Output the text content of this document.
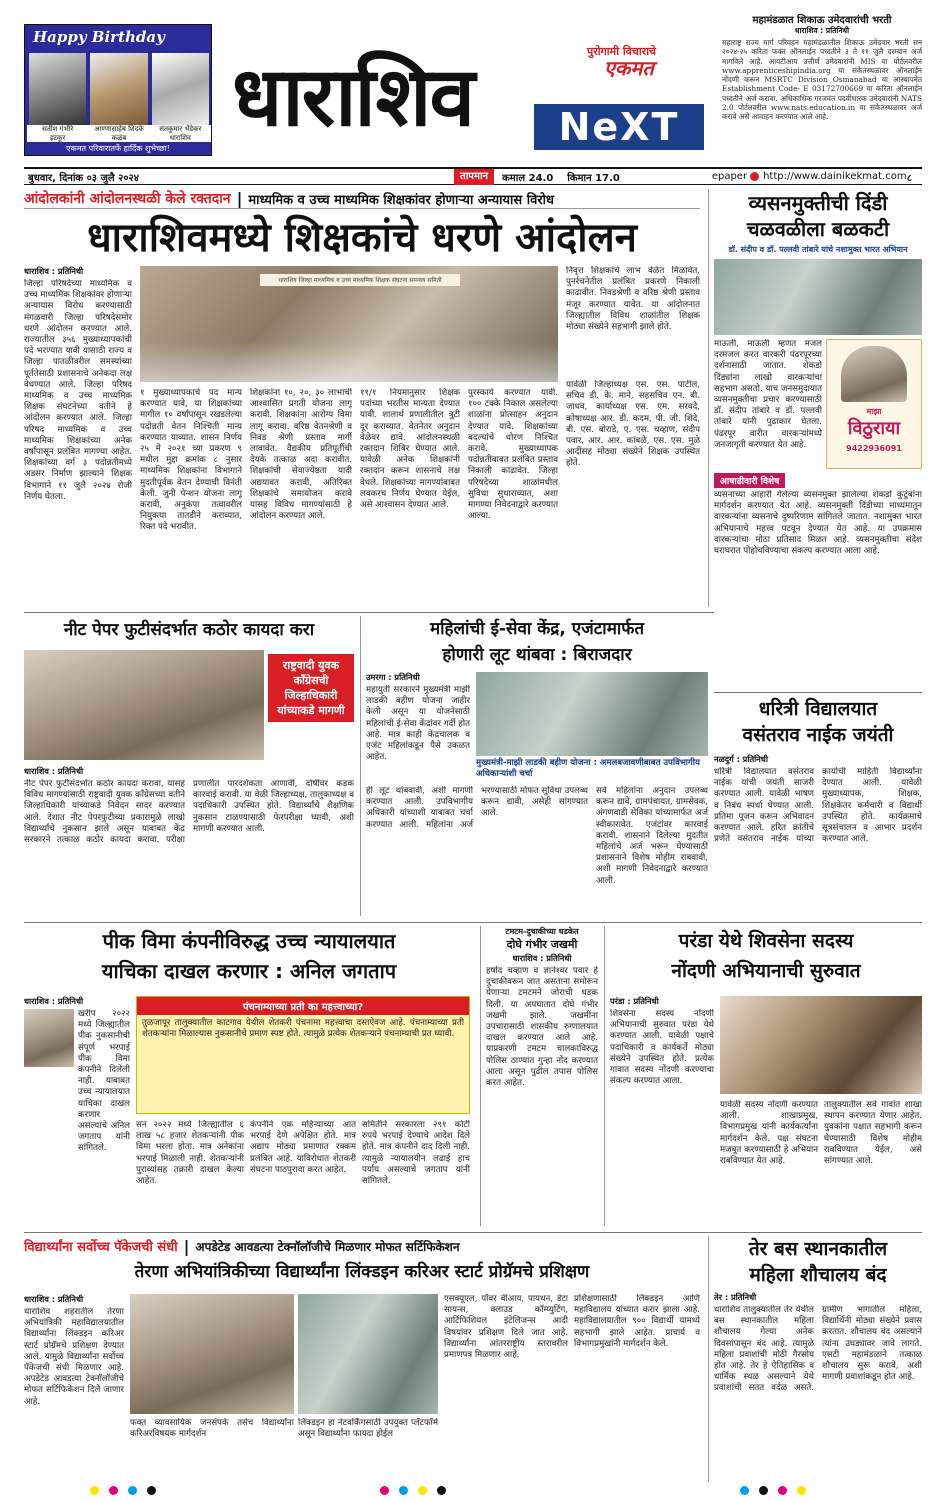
Happy Birthday
सतीश गंभीरे
इटकूर
आण्णासाहेब शिंदके
कळंब
संतकुमार भेंडेकर
धाराशिव
एकमत परिवारातर्फे हार्दिक शुभेच्छा!
धाराशिव	पुरोगामी विचाराचे
एकमत
NeXT
महामंडळात शिकाऊ उमेदवारांची भरती
धाराशिव : प्रतिनिधी
महाराष्ट्र राज्य मार्ग परिवहन महामंडळातील शिकाऊ उमेदवार भरती सन २०२४-२५ करिता फक्त ऑनलाईन पध्दतीने ३ ते ११ जुलै दरम्यान अर्ज मागविले आहे. आयटीआय उत्तीर्ण उमेदवारांनी MIS या पोर्टलवरील www.apprenticeshipindia.org या संकेतस्थळावर ऑनलाईन नोंदणी करून MSRTC Division Osmanabad या आस्थापनेत Establishment Code- E 03172700669 या करिता ऑनलाईन पध्दतीने अर्ज करावा. अधिकाधिक गरजवंत पदवीधारक उमेदवारांनी NATS 2.0 पोर्टलवरील www.nats.education.in या संकेतस्थळावर अर्ज करावे असे आवाहन करण्यात आले आहे.
बुधवार, दिनांक ०३ जुलै २०२४	तापमान	कमाल 24.0 किमान 17.0	epaper http://www.dainikekmat.com ८
आंदोलकांनी आंदोलनस्थळी केले रक्तदान | माध्यमिक व उच्च माध्यमिक शिक्षकांवर होणाऱ्या अन्यायास विरोध
धाराशिवमध्ये शिक्षकांचे धरणे आंदोलन
धाराशिव : प्रतिनिधी
जिल्हा परिषदेच्या माध्यमिक व उच्च माध्यमिक शिक्षकांवर होणाऱ्या अन्यायास विरोध करण्यासाठी मंगळवारी जिल्हा परिषदेसमोर धरणे आंदोलन करण्यात आले. राज्यातील ३५६ मुख्याध्यापकांची पदे भरण्यात यावी यासाठी राज्य व जिल्हा पातळीवरील समस्यांच्या पूर्ततेसाठी प्रशासनाचे अनेकदा लक्ष वेधण्यात आले. जिल्हा परिषद माध्यमिक व उच्च माध्यमिक शिक्षक संघटनेच्या वतीने हे आंदोलन करण्यात आले. जिल्हा परिषद माध्यमिक व उच्च माध्यमिक शिक्षकांच्या अनेक वर्षांपासून प्रलंबित मागण्या आहेत. शिक्षकांच्या वर्ग ३ पदोन्नतीमध्ये अडसर निर्माण झाल्याने शिक्षक विभागाने ११ जुलै २०२४ रोजी निर्णय घेतला.
धाराशिव जिल्हा माध्यमिक व उच्च माध्यमिक शिक्षक संघटना समन्वय समिती
१ मुख्याध्यापकाचे पद मान्य करण्यात यावे, या शिक्षकांच्या मागील १० वर्षांपासून रखडलेल्या पदोन्नती वेतन निश्चिती मान्य करण्यात याव्यात. शासन निर्णय २५ मे २०२१ च्या प्रकरण ९ मधील मुद्दा क्रमांक ८ नुसार माध्यमिक शिक्षकांना विभागाने मुदतीपूर्वक वेतन देण्याची विनंती केली. जुनी पेन्शन योजना लागू करावी, अनुकंपा तत्वावरील नियुक्त्या तातडीने कराव्यात, रिक्त पदे भरावीत.
शिक्षकांना १०, २०, ३० लाभाची आश्वासित प्रगती योजना लागू करावी. शिक्षकांना आरोग्य विमा लागू करावा. वरिष्ठ वेतनश्रेणी व निवड श्रेणी प्रस्ताव मार्गी लावावेत. वैद्यकीय प्रतिपूर्तीची देयके तत्काळ अदा करावीत. शिक्षकांची सेवाज्येष्ठता यादी अद्ययावत करावी, अतिरिक्त शिक्षकांचे समायोजन करावे यासह विविध मागण्यांसाठी हे आंदोलन करण्यात आले.
११/१ नियमानुसार शिक्षक पदांच्या भरतीस मान्यता देण्यात यावी. शालार्थ प्रणालीतील त्रुटी दूर कराव्यात. वेतनेतर अनुदान वेळेवर द्यावे. आंदोलनस्थळी रक्तदान शिबिर घेण्यात आले. यावेळी अनेक शिक्षकांनी रक्तदान करून शासनाचे लक्ष वेधले. शिक्षकांच्या मागण्यांबाबत लवकरच निर्णय घेण्यात येईल, असे आश्वासन देण्यात आले.
पुरस्कार्य करण्यात यावी. १०० टक्के निकाल असलेल्या शाळांना प्रोत्साहन अनुदान देण्यात यावे. शिक्षकांच्या बदल्यांचे धोरण निश्चित करावे. मुख्याध्यापक पदोन्नतीबाबत प्रलंबित प्रस्ताव निकाली काढावेत. जिल्हा परिषदेच्या शाळांमधील सुविधा सुधाराव्यात, अशा मागण्या निवेदनाद्वारे करण्यात आल्या.
निवृत्त शिक्षकांचे लाभ वेळेत मिळावेत, पुनर्रचनेतील प्रलंबित प्रकरणे निकाली काढावीत. निवडश्रेणी व वरिष्ठ श्रेणी प्रस्ताव मंजूर करण्यात यावेत. या आंदोलनात जिल्ह्यातील विविध शाळांतील शिक्षक मोठ्या संख्येने सहभागी झाले होते.
यावेळी जिल्हाध्यक्ष एस. एस. पाटील, सचिव डी. के. माने, सहसचिव एन. बी. जाधव, कार्याध्यक्ष एस. एम. सरवदे, कोषाध्यक्ष आर. डी. कदम, पी. जी. शिंदे, बी. एस. बोराडे, ए. एस. चव्हाण, संदीप पवार, आर. आर. कांबळे, एस. एस. मुळे आदींसह मोठ्या संख्येने शिक्षक उपस्थित होते.
व्यसनमुक्तीची दिंडी
चळवळीला बळकटी
डॉ. संदीप व डॉ. पल्लवी तांबारे यांचे नशामुक्त भारत अभियान
माऊली, माऊली म्हणत मजल दरमजल करत वारकरी पंढरपूरच्या दर्शनासाठी जातात. शेकडो दिंड्यांना लाखो वारकऱ्यांचा सहभाग असतो. याच जनसमुदायात व्यसनमुक्तीचा प्रचार करण्यासाठी डॉ. संदीप तांबारे व डॉ. पल्लवी तांबारे यांनी पुढाकार घेतला. पंढरपूर वारीत वारकऱ्यांमध्ये जनजागृती करण्यात येत आहे.
माझा
विठुराया
9422936091
आषाढीवारी विशेष
व्यसनाच्या आहारी गेलेल्या व्यसनमुक्त झालेल्या शेकडो कुटुंबांना मार्गदर्शन करण्यात येत आहे. व्यसनमुक्ती दिंडीच्या माध्यमातून वारकऱ्यांना व्यसनाचे दुष्परिणाम सांगितले जातात. नशामुक्त भारत अभियानाचे महत्त्व पटवून देण्यात येत आहे. या उपक्रमास वारकऱ्यांचा मोठा प्रतिसाद मिळत आहे. व्यसनमुक्तीचा संदेश घराघरात पोहोचविण्याचा संकल्प करण्यात आला आहे.
नीट पेपर फुटीसंदर्भात कठोर कायदा करा
राष्ट्रवादी युवक काँग्रेसची जिल्हाधिकारी यांच्याकडे मागणी
धाराशिव : प्रतिनिधी
नीट पेपर फुटीसंदर्भात कठोर कायदा करावा, यासह विविध मागण्यांसाठी राष्ट्रवादी युवक काँग्रेसच्या वतीने जिल्हाधिकारी यांच्याकडे निवेदन सादर करण्यात आले. देशात नीट पेपरफुटीच्या प्रकारामुळे लाखो विद्यार्थ्यांचे नुकसान झाले असून याबाबत केंद्र सरकारने तत्काळ कठोर कायदा करावा. परीक्षा प्रणालीत पारदर्शकता आणावी, दोषींवर कडक कारवाई करावी. या वेळी जिल्हाध्यक्ष, तालुकाध्यक्ष व पदाधिकारी उपस्थित होते. विद्यार्थ्यांचे शैक्षणिक नुकसान टाळण्यासाठी फेरपरीक्षा घ्यावी, अशी मागणी करण्यात आली.
महिलांची ई-सेवा केंद्र, एजंटामार्फत
होणारी लूट थांबवा : बिराजदार
उमरगा : प्रतिनिधी
महायुती सरकारने मुख्यमंत्री माझी लाडकी बहीण योजना जाहीर केली असून या योजनेसाठी महिलांची ई-सेवा केंद्रांवर गर्दी होत आहे. मात्र काही केंद्रचालक व एजंट महिलांकडून पैसे उकळत आहेत.
मुख्यमंत्री-माझी लाडकी बहीण योजना : अमलबजावणीबाबत उपविभागीय अधिकाऱ्यांशी चर्चा
ही लूट थांबवावी, अशी मागणी करण्यात आली. उपविभागीय अधिकारी यांच्याशी याबाबत चर्चा करण्यात आली. महिलांना अर्ज भरण्यासाठी मोफत सुविधा उपलब्ध करून द्यावी, असेही सांगण्यात आले.
सर्व महिलांना अनुदान उपलब्ध करून द्यावे, ग्रामपंचायत, ग्रामसेवक, अंगणवाडी सेविका यांच्यामार्फत अर्ज स्वीकारावेत. एजंटांवर कारवाई करावी. शासनाने दिलेल्या मुदतीत महिलांचे अर्ज भरून घेण्यासाठी प्रशासनाने विशेष मोहीम राबवावी, अशी मागणी निवेदनाद्वारे करण्यात आली.
धरित्री विद्यालयात
वसंतराव नाईक जयंती
नळदुर्ग : प्रतिनिधी
धरित्री विद्यालयात वसंतराव नाईक यांची जयंती साजरी करण्यात आली. यावेळी भाषण व निबंध स्पर्धा घेण्यात आली. प्रतिमा पूजन करून अभिवादन करण्यात आले. हरित क्रांतीचे प्रणेते वसंतराव नाईक यांच्या कार्याची माहिती विद्यार्थ्यांना देण्यात आली. यावेळी मुख्याध्यापक, शिक्षक, शिक्षकेतर कर्मचारी व विद्यार्थी उपस्थित होते. कार्यक्रमाचे सूत्रसंचालन व आभार प्रदर्शन करण्यात आले.
पीक विमा कंपनीविरुद्ध उच्च न्यायालयात
याचिका दाखल करणार : अनिल जगताप
धाराशिव : प्रतिनिधी
खरीप २०२२ मध्ये जिल्ह्यातील पीक नुकसानीची संपूर्ण भरपाई पीक विमा कंपनीने दिलेली नाही. याबाबत उच्च न्यायालयात याचिका दाखल करणार असल्याचे अनिल जगताप यांनी सांगितले.
पंचनाम्याच्या प्रती का महत्त्वाच्या?
तुळजापूर तालुक्यातील काटगाव येथील शेतकरी पंचनामा महत्त्वाचा दस्तऐवज आहे. पंचनाम्याच्या प्रती शेतकऱ्यांना मिळाल्यास नुकसानीचे प्रमाण स्पष्ट होते. त्यामुळे प्रत्येक शेतकऱ्याने पंचनाम्याची प्रत घ्यावी.
सन २०२२ मध्ये जिल्ह्यातील ६ लाख ५८ हजार शेतकऱ्यांनी पीक विमा भरला होता. मात्र अनेकांना भरपाई मिळाली नाही. शेतकऱ्यांनी पुराव्यांसह तक्रारी दाखल केल्या आहेत.
कंपनीने एक महिन्याच्या आत भरपाई देणे अपेक्षित होते. मात्र अद्याप मोठ्या प्रमाणात रक्कम प्रलंबित आहे. याविरोधात शेतकरी संघटना पाठपुरावा करत आहेत.
समितीने सरकारला २९१ कोटी रुपये भरपाई देण्याचे आदेश दिले होते. मात्र कंपनीने दाद दिली नाही. त्यामुळे न्यायालयीन लढाई हाच पर्याय असल्याचे जगताप यांनी सांगितले.
टमटम-दुचाकीच्या धडकेत
दोघे गंभीर जखमी
धाराशिव : प्रतिनिधी
हर्षोद चव्हाण व ज्ञानेश्वर पवार हे दुचाकीवरून जात असताना समोरून येणाऱ्या टमटमने जोराची धडक दिली. या अपघातात दोघे गंभीर जखमी झाले. जखमींना उपचारासाठी शासकीय रुग्णालयात दाखल करण्यात आले आहे. याप्रकरणी टमटम चालकाविरुद्ध पोलिस ठाण्यात गुन्हा नोंद करण्यात आला असून पुढील तपास पोलिस करत आहेत.
परंडा येथे शिवसेना सदस्य
नोंदणी अभियानाची सुरुवात
परंडा : प्रतिनिधी
शिवसेना सदस्य नोंदणी अभियानाची सुरुवात परंडा येथे करण्यात आली. यावेळी पक्षाचे पदाधिकारी व कार्यकर्ते मोठ्या संख्येने उपस्थित होते. प्रत्येक गावात सदस्य नोंदणी करण्याचा संकल्प करण्यात आला.
यावेळी सदस्य नोंदणी करण्यात आली. शाखाप्रमुख, विभागप्रमुख यांनी कार्यकर्त्यांना मार्गदर्शन केले. पक्ष संघटना मजबूत करण्यासाठी हे अभियान राबविण्यात येत आहे.
तालुक्यातील सर्व गावांत शाखा स्थापन करण्यात येणार आहेत. युवकांना पक्षात सहभागी करून घेण्यासाठी विशेष मोहीम राबविण्यात येईल, असे सांगण्यात आले.
विद्यार्थ्यांना सर्वोच्च पॅकेजची संधी | अपडेटेड आवडत्या टेक्नॉलॉजीचे मिळणार मोफत सर्टिफिकेशन
तेरणा अभियांत्रिकीच्या विद्यार्थ्यांना लिंक्डइन करिअर स्टार्ट प्रोग्रॅमचे प्रशिक्षण
धाराशिव : प्रतिनिधी
धाराशिव शहरातील तेरणा अभियांत्रिकी महाविद्यालयातील विद्यार्थ्यांना लिंक्डइन करिअर स्टार्ट प्रोग्रॅमचे प्रशिक्षण देण्यात आले. यामुळे विद्यार्थ्यांना सर्वोच्च पॅकेजची संधी मिळणार आहे. अपडेटेड आवडत्या टेक्नॉलॉजीचे मोफत सर्टिफिकेशन दिले जाणार आहे.
फक्त व्यावसायिक जनसंपर्क तसेच विद्यार्थ्यांना करिअरविषयक मार्गदर्शन
लिंक्डइन हा नेटवर्किंगसाठी उपयुक्त प्लॅटफॉर्म असून विद्यार्थ्यांना फायदा होईल
एसक्यूएल, पॉवर बीआय, पायथन, डेटा सायन्स, क्लाउड कॉम्प्युटिंग, आर्टिफिशियल इंटेलिजन्स आदी विषयांवर प्रशिक्षण दिले जात आहे. विद्यार्थ्यांना आंतरराष्ट्रीय स्तरावरील प्रमाणपत्र मिळणार आहे.
प्रशिक्षणासाठी लिंक्डइन आणि महाविद्यालय यांच्यात करार झाला आहे. महाविद्यालयातील ९०० विद्यार्थी यामध्ये सहभागी झाले आहेत. प्राचार्य व विभागप्रमुखांनी मार्गदर्शन केले.
तेर बस स्थानकातील
महिला शौचालय बंद
तेर : प्रतिनिधी
धाराशिव तालुक्यातील तेर येथील बस स्थानकातील महिला शौचालय गेल्या अनेक दिवसांपासून बंद आहे. त्यामुळे महिला प्रवाशांची मोठी गैरसोय होत आहे. तेर हे ऐतिहासिक व धार्मिक स्थळ असल्याने येथे प्रवाशांची सतत वर्दळ असते. ग्रामीण भागातील महिला, विद्यार्थिनी मोठ्या संख्येने प्रवास करतात. शौचालय बंद असल्याने त्यांना उघड्यावर जावे लागते. एसटी महामंडळाने तत्काळ शौचालय सुरू करावे, अशी मागणी प्रवाशांकडून होत आहे.
